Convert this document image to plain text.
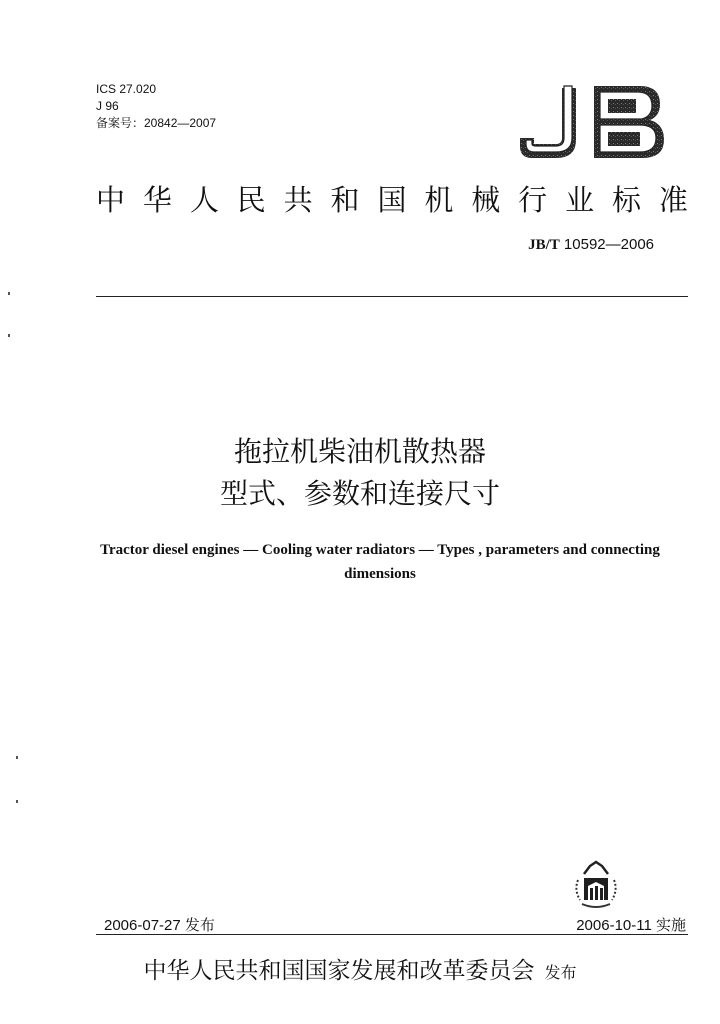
ICS 27.020
J 96
备案号：20842—2007
中 华 人 民 共 和 国 机 械 行 业 标 准
JB/T 10592—2006
拖拉机柴油机散热器
型式、参数和连接尺寸
Tractor diesel engines — Cooling water radiators — Types , parameters and connecting dimensions
2006-07-27 发布	2006-10-11 实施
中华人民共和国国家发展和改革委员会 发布
